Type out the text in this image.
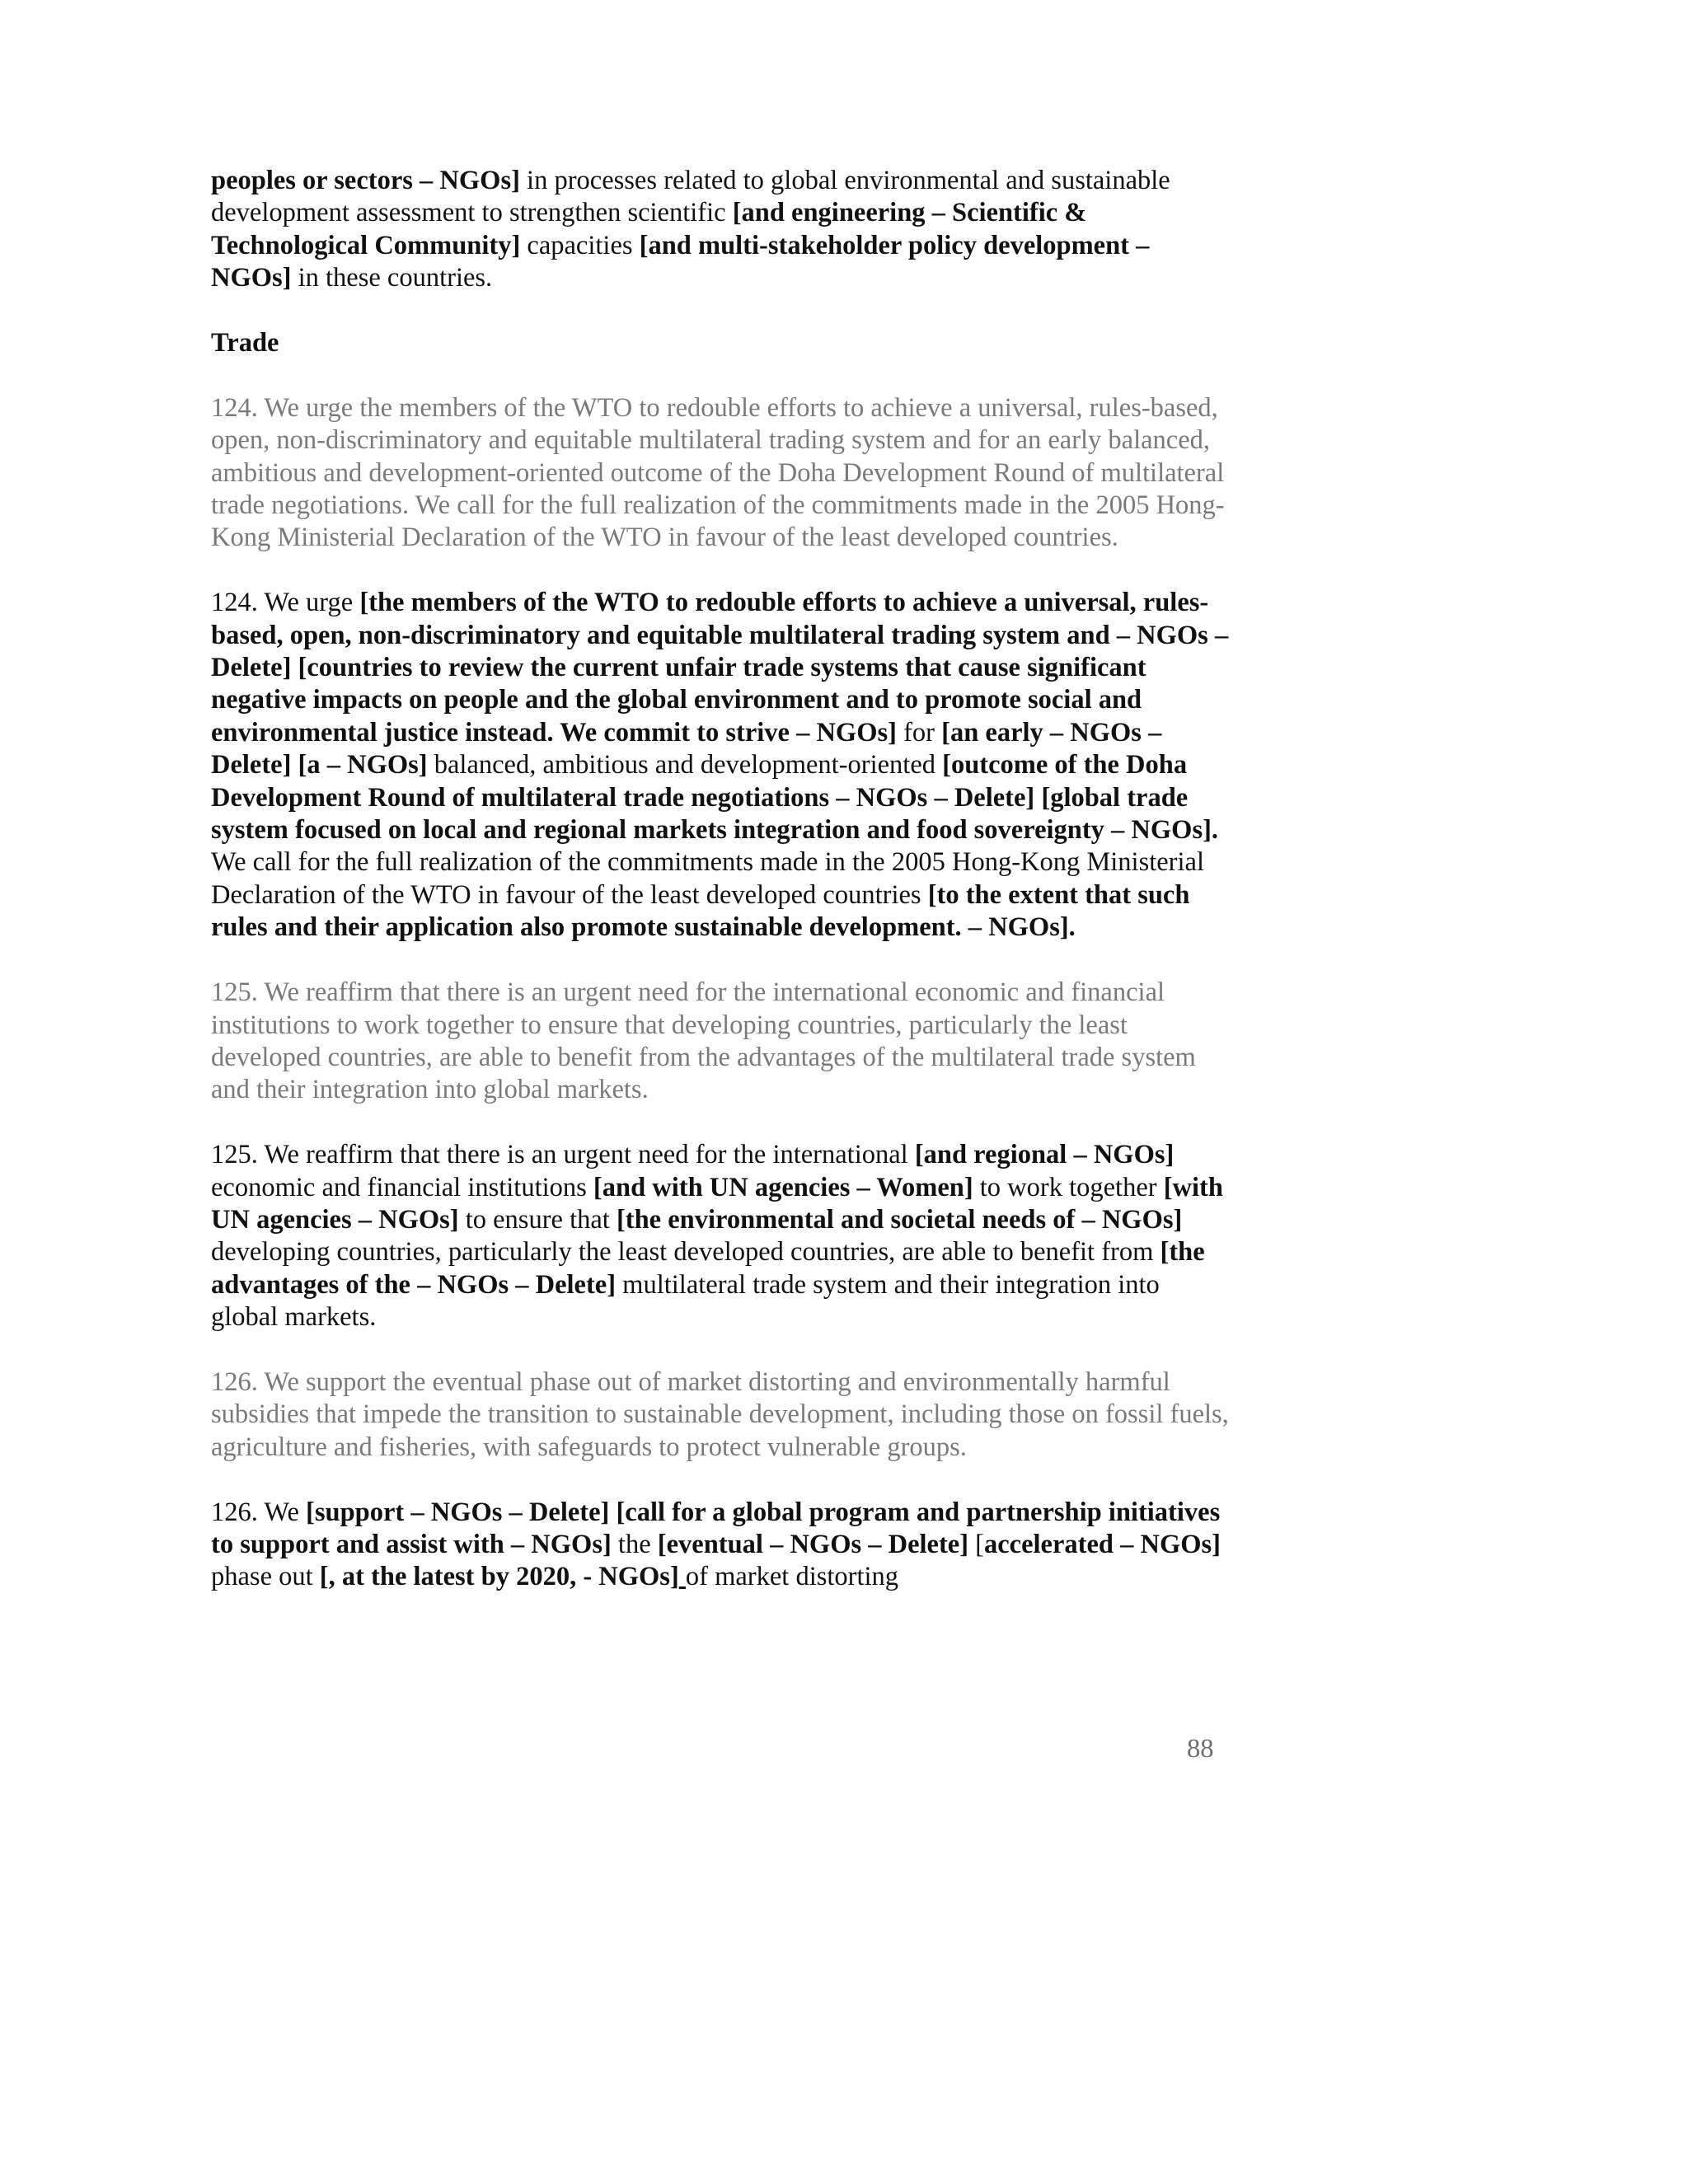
peoples or sectors – NGOs] in processes related to global environmental and sustainable development assessment to strengthen scientific [and engineering – Scientific & Technological Community] capacities [and multi-stakeholder policy development – NGOs] in these countries.

Trade

124. We urge the members of the WTO to redouble efforts to achieve a universal, rules-based, open, non-discriminatory and equitable multilateral trading system and for an early balanced, ambitious and development-oriented outcome of the Doha Development Round of multilateral trade negotiations. We call for the full realization of the commitments made in the 2005 Hong-Kong Ministerial Declaration of the WTO in favour of the least developed countries.

124. We urge [the members of the WTO to redouble efforts to achieve a universal, rules-based, open, non-discriminatory and equitable multilateral trading system and – NGOs – Delete] [countries to review the current unfair trade systems that cause significant negative impacts on people and the global environment and to promote social and environmental justice instead. We commit to strive – NGOs] for [an early – NGOs – Delete] [a – NGOs] balanced, ambitious and development-oriented [outcome of the Doha Development Round of multilateral trade negotiations – NGOs – Delete] [global trade system focused on local and regional markets integration and food sovereignty – NGOs]. We call for the full realization of the commitments made in the 2005 Hong-Kong Ministerial Declaration of the WTO in favour of the least developed countries [to the extent that such rules and their application also promote sustainable development. – NGOs].

125. We reaffirm that there is an urgent need for the international economic and financial institutions to work together to ensure that developing countries, particularly the least developed countries, are able to benefit from the advantages of the multilateral trade system and their integration into global markets.

125. We reaffirm that there is an urgent need for the international [and regional – NGOs] economic and financial institutions [and with UN agencies – Women] to work together [with UN agencies – NGOs] to ensure that [the environmental and societal needs of – NGOs] developing countries, particularly the least developed countries, are able to benefit from [the advantages of the – NGOs – Delete] multilateral trade system and their integration into global markets.

126. We support the eventual phase out of market distorting and environmentally harmful subsidies that impede the transition to sustainable development, including those on fossil fuels, agriculture and fisheries, with safeguards to protect vulnerable groups.

126. We [support – NGOs – Delete] [call for a global program and partnership initiatives to support and assist with – NGOs] the [eventual – NGOs – Delete] [accelerated – NGOs] phase out [, at the latest by 2020, - NGOs] of market distorting

88
